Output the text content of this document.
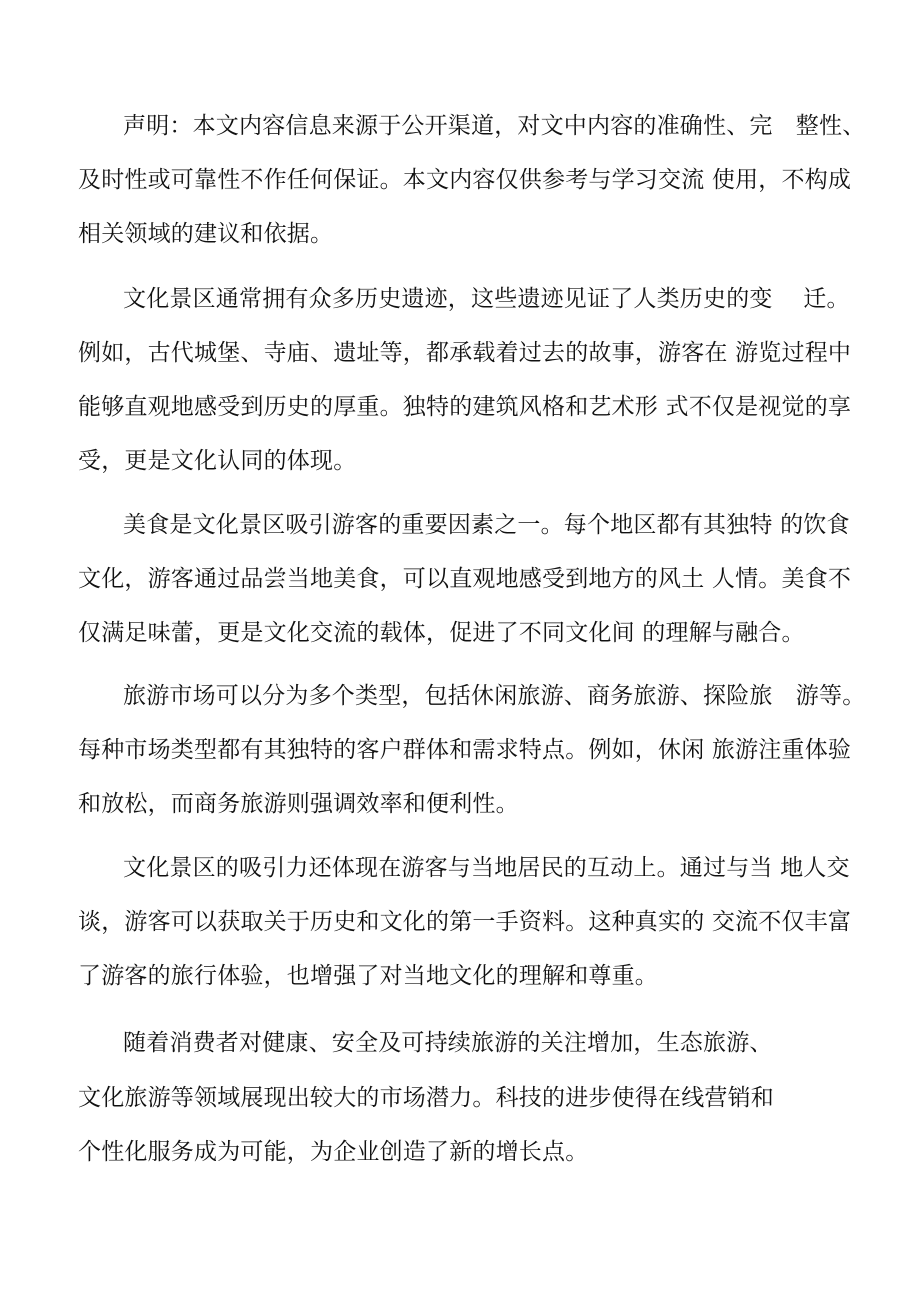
声明：本文内容信息来源于公开渠道，对文中内容的准确性、完　整性、
及时性或可靠性不作任何保证。本文内容仅供参考与学习交流 使用，不构成
相关领域的建议和依据。
文化景区通常拥有众多历史遗迹，这些遗迹见证了人类历史的变　 迁。
例如，古代城堡、寺庙、遗址等，都承载着过去的故事，游客在 游览过程中
能够直观地感受到历史的厚重。独特的建筑风格和艺术形 式不仅是视觉的享
受，更是文化认同的体现。
美食是文化景区吸引游客的重要因素之一。每个地区都有其独特 的饮食
文化，游客通过品尝当地美食，可以直观地感受到地方的风土 人情。美食不
仅满足味蕾，更是文化交流的载体，促进了不同文化间 的理解与融合。
旅游市场可以分为多个类型，包括休闲旅游、商务旅游、探险旅　游等。
每种市场类型都有其独特的客户群体和需求特点。例如，休闲 旅游注重体验
和放松，而商务旅游则强调效率和便利性。
文化景区的吸引力还体现在游客与当地居民的互动上。通过与当 地人交
谈，游客可以获取关于历史和文化的第一手资料。这种真实的 交流不仅丰富
了游客的旅行体验，也增强了对当地文化的理解和尊重。
随着消费者对健康、安全及可持续旅游的关注增加，生态旅游、
文化旅游等领域展现出较大的市场潜力。科技的进步使得在线营销和
个性化服务成为可能，为企业创造了新的增长点。
